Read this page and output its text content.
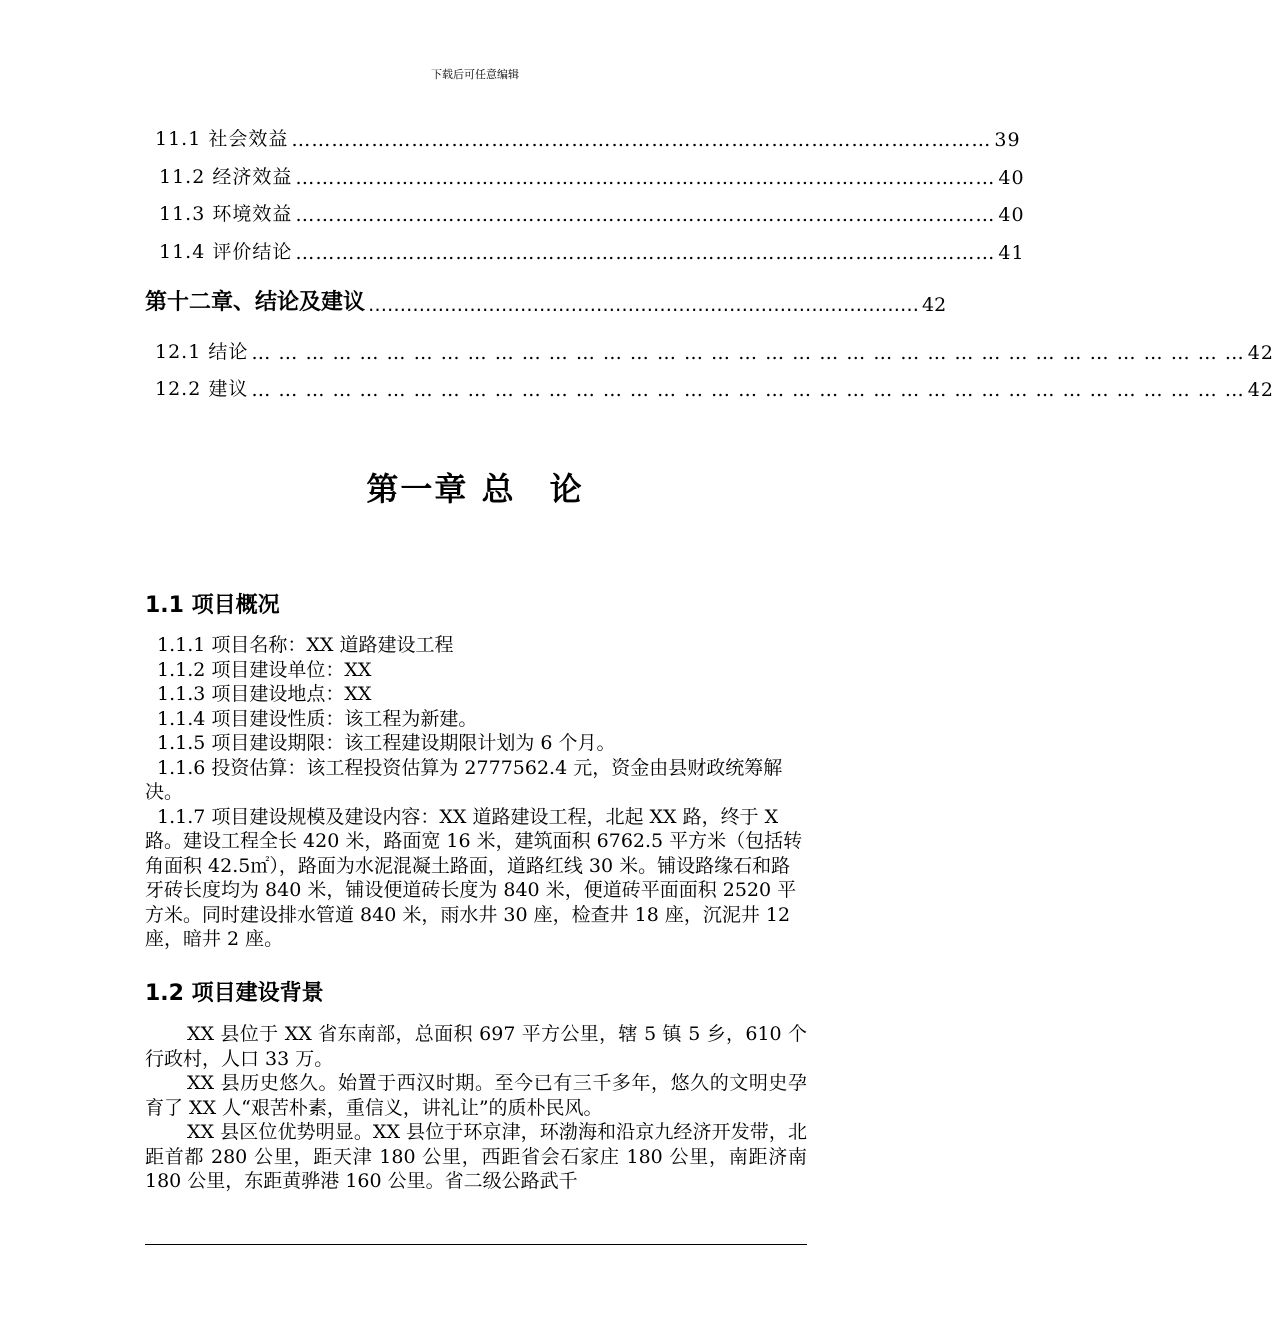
下载后可任意编辑
11.1 社会效益 …………………………………………………………………………………………… 39
11.2 经济效益 …………………………………………………………………………………………… 40
11.3 环境效益 …………………………………………………………………………………………… 40
11.4 评价结论 …………………………………………………………………………………………… 41
第十二章、结论及建议 …………………………………………………………………………… 42
12.1 结论 … … … … … … … … … … … … … … … … … … … … … … … … … … … … … … … … … … … … … 42
12.2 建议 … … … … … … … … … … … … … … … … … … … … … … … … … … … … … … … … … … … … … 42
第一章 总　论
1.1 项目概况

1.1.1 项目名称：XX 道路建设工程

1.1.2 项目建设单位：XX

1.1.3 项目建设地点：XX

1.1.4 项目建设性质：该工程为新建。

1.1.5 项目建设期限：该工程建设期限计划为 6 个月。

1.1.6 投资估算：该工程投资估算为 2777562.4 元，资金由县财政统筹解决。

1.1.7 项目建设规模及建设内容：XX 道路建设工程，北起 XX 路，终于 X 路。建设工程全长 420 米，路面宽 16 米，建筑面积 6762.5 平方米（包括转角面积 42.5㎡），路面为水泥混凝土路面，道路红线 30 米。铺设路缘石和路牙砖长度均为 840 米，铺设便道砖长度为 840 米，便道砖平面面积 2520 平方米。同时建设排水管道 840 米，雨水井 30 座，检查井 18 座，沉泥井 12 座，暗井 2 座。

1.2 项目建设背景

XX 县位于 XX 省东南部，总面积 697 平方公里，辖 5 镇 5 乡，610 个行政村，人口 33 万。

XX 县历史悠久。始置于西汉时期。至今已有三千多年，悠久的文明史孕育了 XX 人“艰苦朴素，重信义，讲礼让”的质朴民风。

XX 县区位优势明显。XX 县位于环京津，环渤海和沿京九经济开发带，北距首都 280 公里，距天津 180 公里，西距省会石家庄 180 公里，南距济南 180 公里，东距黄骅港 160 公里。省二级公路武千
